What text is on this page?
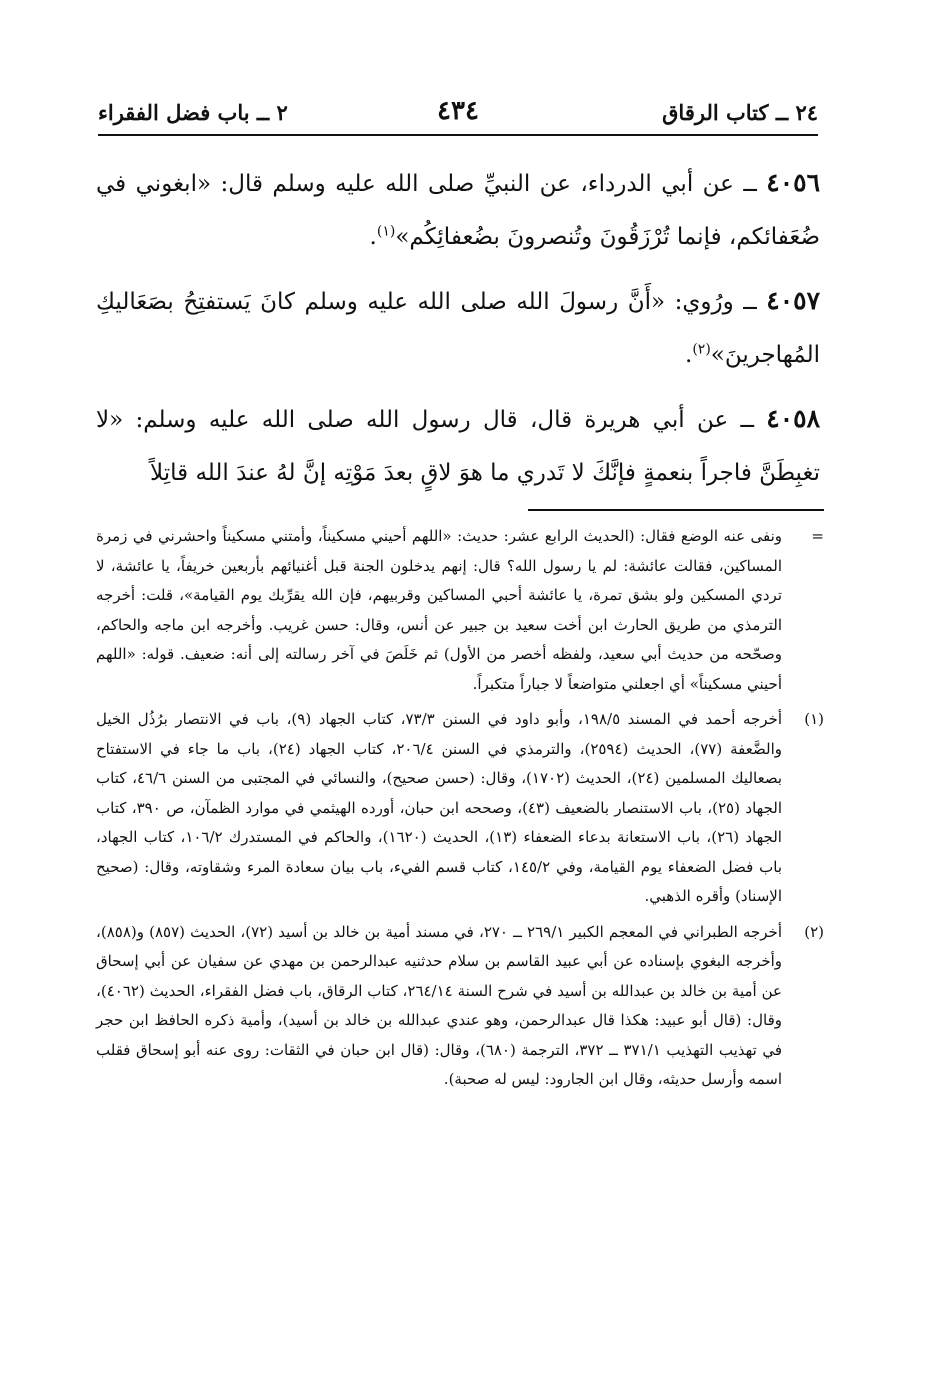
٢٤ ــ كتاب الرقاق
٤٣٤
٢ ــ باب فضل الفقراء

٤٠٥٦ ــ عن أبي الدرداء، عن النبيِّ صلى الله عليه وسلم قال: «ابغوني في ضُعَفائكم، فإنما تُرْزَقُونَ وتُنصرونَ بضُعفائِكُم»$^{(١)}$.

٤٠٥٧ ــ ورُوي: «أَنَّ رسولَ الله صلى الله عليه وسلم كانَ يَستفتِحُ بصَعَاليكِ المُهاجرينَ»$^{(٢)}$.

٤٠٥٨ ــ عن أبي هريرة قال، قال رسول الله صلى الله عليه وسلم: «لا تغبِطَنَّ فاجراً بنعمةٍ فإنَّكَ لا تَدري ما هوَ لاقٍ بعدَ مَوْتِه إنَّ لهُ عندَ الله قاتِلاً

=
ونفى عنه الوضع فقال: (الحديث الرابع عشر: حديث: «اللهم أحيني مسكيناً، وأمتني مسكيناً واحشرني في زمرة المساكين، فقالت عائشة: لم يا رسول الله؟ قال: إنهم يدخلون الجنة قبل أغنيائهم بأربعين خريفاً، يا عائشة، لا تردي المسكين ولو بشق تمرة، يا عائشة أحبي المساكين وقربيهم، فإن الله يقرِّبك يوم القيامة»، قلت: أخرجه الترمذي من طريق الحارث ابن أخت سعيد بن جبير عن أنس، وقال: حسن غريب. وأخرجه ابن ماجه والحاكم، وصحّحه من حديث أبي سعيد، ولفظه أخصر من الأول) ثم خَلَصَ في آخر رسالته إلى أنه: ضعيف. قوله: «اللهم أحيني مسكيناً» أي اجعلني متواضعاً لا جباراً متكبراً.
(١)
أخرجه أحمد في المسند ١٩٨/٥، وأبو داود في السنن ٧٣/٣، كتاب الجهاد (٩)، باب في الانتصار برُذُل الخيل والضَّعفة (٧٧)، الحديث (٢٥٩٤)، والترمذي في السنن ٢٠٦/٤، كتاب الجهاد (٢٤)، باب ما جاء في الاستفتاح بصعاليك المسلمين (٢٤)، الحديث (١٧٠٢)، وقال: (حسن صحيح)، والنسائي في المجتبى من السنن ٤٦/٦، كتاب الجهاد (٢٥)، باب الاستنصار بالضعيف (٤٣)، وصححه ابن حبان، أورده الهيثمي في موارد الظمآن، ص ٣٩٠، كتاب الجهاد (٢٦)، باب الاستعانة بدعاء الضعفاء (١٣)، الحديث (١٦٢٠)، والحاكم في المستدرك ١٠٦/٢، كتاب الجهاد، باب فضل الضعفاء يوم القيامة، وفي ١٤٥/٢، كتاب قسم الفيء، باب بيان سعادة المرء وشقاوته، وقال: (صحيح الإسناد) وأقره الذهبي.
(٢)
أخرجه الطبراني في المعجم الكبير ٢٦٩/١ ــ ٢٧٠، في مسند أمية بن خالد بن أسيد (٧٢)، الحديث (٨٥٧) و(٨٥٨)، وأخرجه البغوي بإسناده عن أبي عبيد القاسم بن سلام حدثنيه عبدالرحمن بن مهدي عن سفيان عن أبي إسحاق عن أمية بن خالد بن عبدالله بن أسيد في شرح السنة ٢٦٤/١٤، كتاب الرقاق، باب فضل الفقراء، الحديث (٤٠٦٢)، وقال: (قال أبو عبيد: هكذا قال عبدالرحمن، وهو عندي عبدالله بن خالد بن أسيد)، وأمية ذكره الحافظ ابن حجر في تهذيب التهذيب ٣٧١/١ ــ ٣٧٢، الترجمة (٦٨٠)، وقال: (قال ابن حبان في الثقات: روى عنه أبو إسحاق فقلب اسمه وأرسل حديثه، وقال ابن الجارود: ليس له صحبة).
